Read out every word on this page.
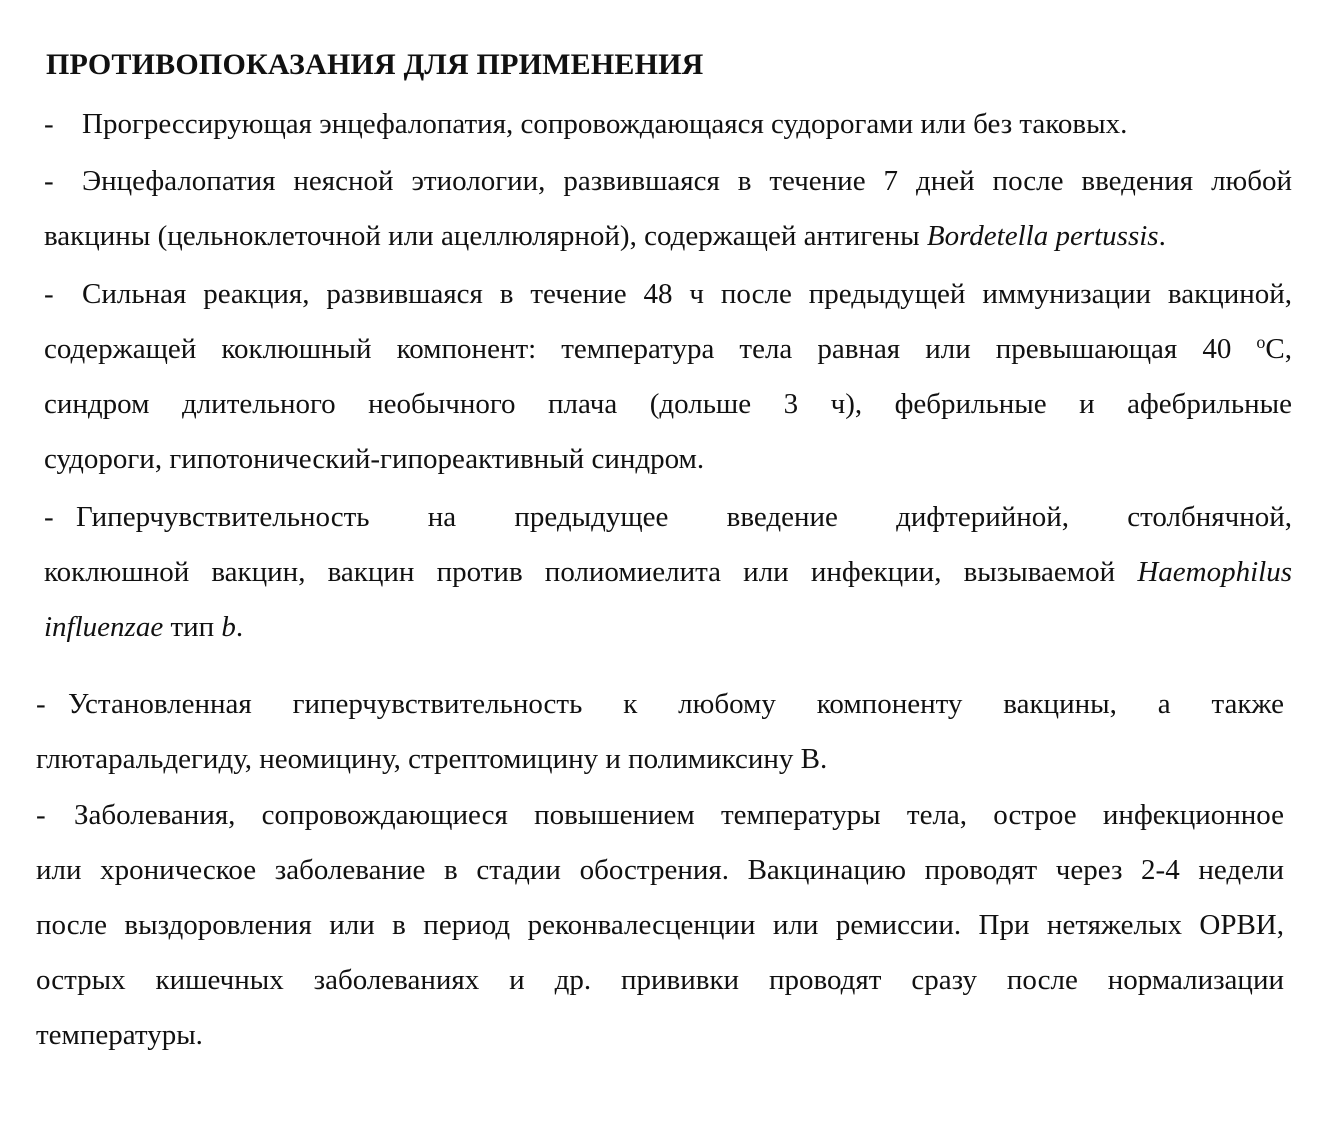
ПРОТИВОПОКАЗАНИЯ ДЛЯ ПРИМЕНЕНИЯ
- Прогрессирующая энцефалопатия, сопровождающаяся судорогами или без таковых.
- Энцефалопатия неясной этиологии, развившаяся в течение 7 дней после введения любой
вакцины (цельноклеточной или ацеллюлярной), содержащей антигены Bordetella pertussis.
- Сильная реакция, развившаяся в течение 48 ч после предыдущей иммунизации вакциной,
содержащей коклюшный компонент: температура тела равная или превышающая 40 $^о$С,
синдром длительного необычного плача (дольше 3 ч), фебрильные и афебрильные
судороги, гипотонический-гипореактивный синдром.
- Гиперчувствительность на предыдущее введение дифтерийной, столбнячной,
коклюшной вакцин, вакцин против полиомиелита или инфекции, вызываемой Haemophilus
influenzae тип b.
- Установленная гиперчувствительность к любому компоненту вакцины, а также
глютаральдегиду, неомицину, стрептомицину и полимиксину В.
- Заболевания, сопровождающиеся повышением температуры тела, острое инфекционное
или хроническое заболевание в стадии обострения. Вакцинацию проводят через 2-4 недели
после выздоровления или в период реконвалесценции или ремиссии. При нетяжелых ОРВИ,
острых кишечных заболеваниях и др. прививки проводят сразу после нормализации
температуры.
